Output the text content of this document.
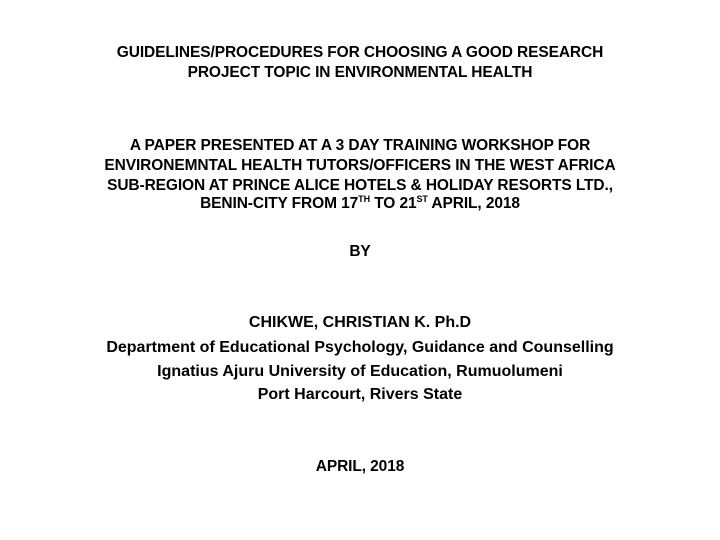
GUIDELINES/PROCEDURES FOR CHOOSING A GOOD RESEARCH
PROJECT TOPIC IN ENVIRONMENTAL HEALTH
A PAPER PRESENTED AT A 3 DAY TRAINING WORKSHOP FOR
ENVIRONEMNTAL HEALTH TUTORS/OFFICERS IN THE WEST AFRICA
SUB-REGION AT PRINCE ALICE HOTELS & HOLIDAY RESORTS LTD.,
BENIN-CITY FROM 17TH TO 21ST APRIL, 2018
BY
CHIKWE, CHRISTIAN K. Ph.D
Department of Educational Psychology, Guidance and Counselling
Ignatius Ajuru University of Education, Rumuolumeni
Port Harcourt, Rivers State
APRIL, 2018
